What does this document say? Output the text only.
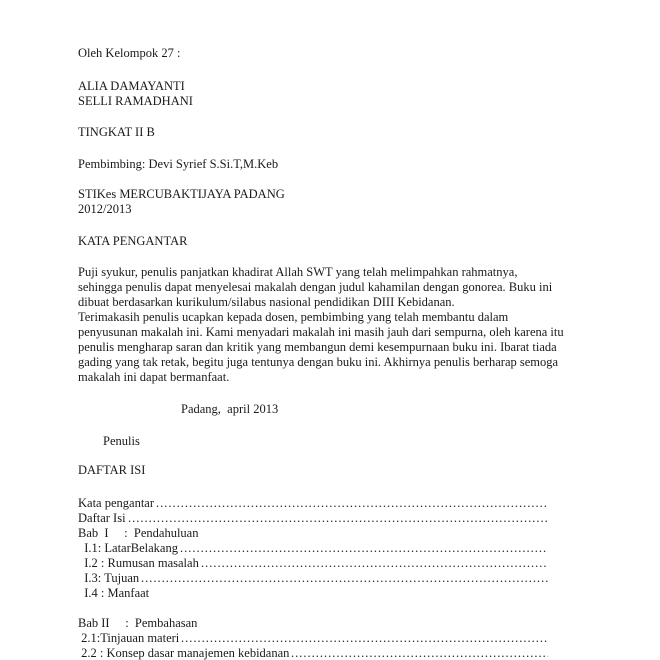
Oleh Kelompok 27 :
ALIA DAMAYANTI
SELLI RAMADHANI
TINGKAT II B
Pembimbing: Devi Syrief S.Si.T,M.Keb
STIKes MERCUBAKTIJAYA PADANG
2012/2013
KATA PENGANTAR
Puji syukur, penulis panjatkan khadirat Allah SWT yang telah melimpahkan rahmatnya,
sehingga penulis dapat menyelesai makalah dengan judul kahamilan dengan gonorea. Buku ini
dibuat berdasarkan kurikulum/silabus nasional pendidikan DIII Kebidanan.
Terimakasih penulis ucapkan kepada dosen, pembimbing yang telah membantu dalam
penyusunan makalah ini. Kami menyadari makalah ini masih jauh dari sempurna, oleh karena itu
penulis mengharap saran dan kritik yang membangun demi kesempurnaan buku ini. Ibarat tiada
gading yang tak retak, begitu juga tentunya dengan buku ini. Akhirnya penulis berharap semoga
makalah ini dapat bermanfaat.
Padang,  april 2013
Penulis
DAFTAR ISI
Kata pengantar
.....
Daftar Isi
.....
Bab  I     :  Pendahuluan
I.1: LatarBelakang
.....
I.2 : Rumusan masalah
.....
I.3: Tujuan
.....
I.4 : Manfaat
Bab II     :  Pembahasan
2.1:Tinjauan materi
.....
2.2 : Konsep dasar manajemen kebidanan
.....
